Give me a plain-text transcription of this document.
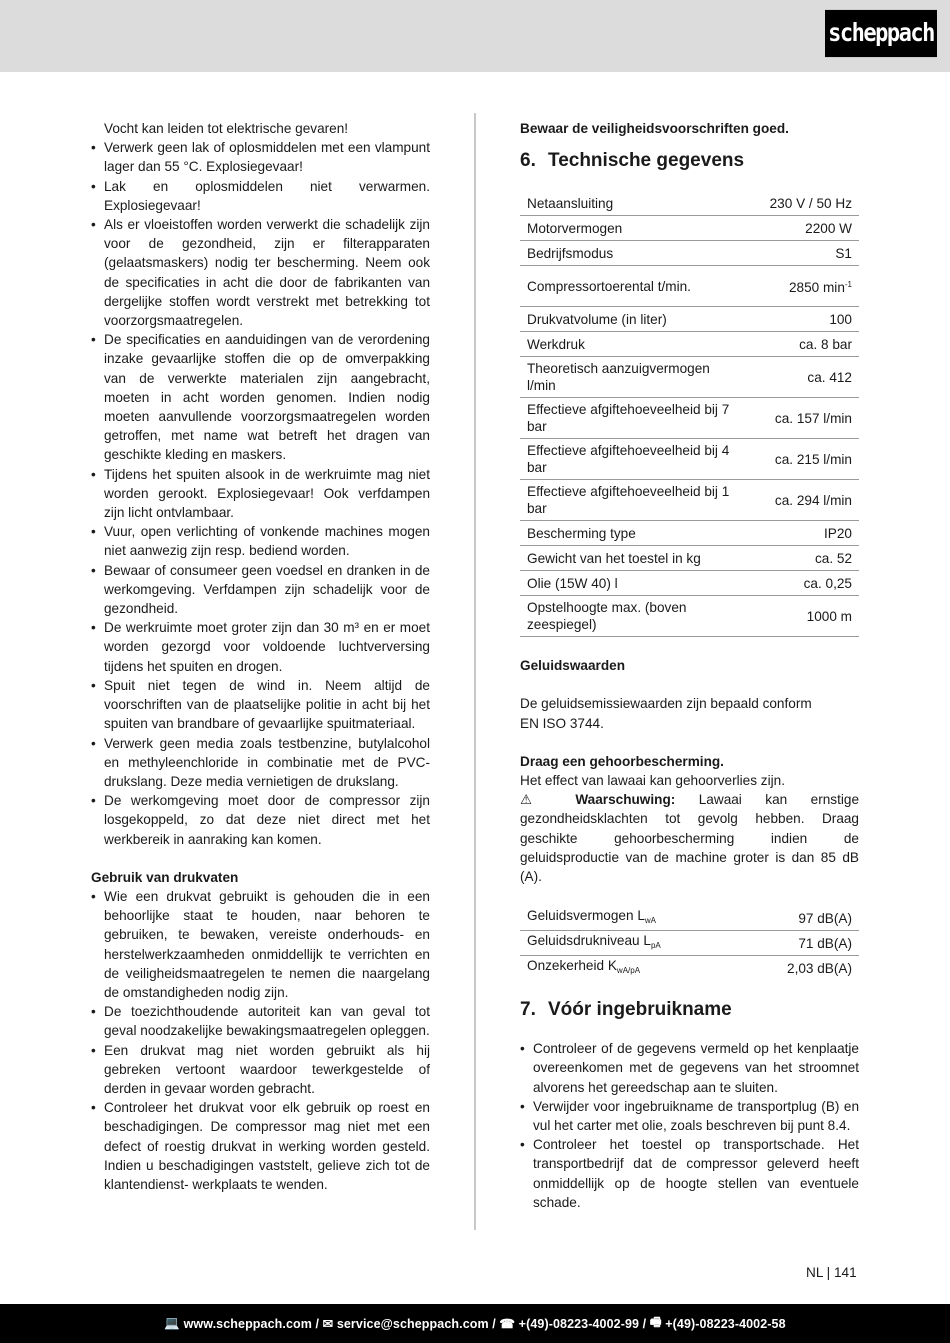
scheppach

Vocht kan leiden tot elektrische gevaren!

• Verwerk geen lak of oplosmiddelen met een vlampunt lager dan 55 °C. Explosiegevaar!
• Lak en oplosmiddelen niet verwarmen. Explosiegevaar!
• Als er vloeistoffen worden verwerkt die schadelijk zijn voor de gezondheid, zijn er filterapparaten (gelaatsmaskers) nodig ter bescherming. Neem ook de specificaties in acht die door de fabrikanten van dergelijke stoffen wordt verstrekt met betrekking tot voorzorgsmaatregelen.
• De specificaties en aanduidingen van de verordening inzake gevaarlijke stoffen die op de omverpakking van de verwerkte materialen zijn aangebracht, moeten in acht worden genomen. Indien nodig moeten aanvullende voorzorgsmaatregelen worden getroffen, met name wat betreft het dragen van geschikte kleding en maskers.
• Tijdens het spuiten alsook in de werkruimte mag niet worden gerookt. Explosiegevaar! Ook verfdampen zijn licht ontvlambaar.
• Vuur, open verlichting of vonkende machines mogen niet aanwezig zijn resp. bediend worden.
• Bewaar of consumeer geen voedsel en dranken in de werkomgeving. Verfdampen zijn schadelijk voor de gezondheid.
• De werkruimte moet groter zijn dan 30 m³ en er moet worden gezorgd voor voldoende luchtverversing tijdens het spuiten en drogen.
• Spuit niet tegen de wind in. Neem altijd de voorschriften van de plaatselijke politie in acht bij het spuiten van brandbare of gevaarlijke spuitmateriaal.
• Verwerk geen media zoals testbenzine, butylalcohol en methyleenchloride in combinatie met de PVC-drukslang. Deze media vernietigen de drukslang.
• De werkomgeving moet door de compressor zijn losgekoppeld, zo dat deze niet direct met het werkbereik in aanraking kan komen.

Gebruik van drukvaten

• Wie een drukvat gebruikt is gehouden die in een behoorlijke staat te houden, naar behoren te gebruiken, te bewaken, vereiste onderhouds- en herstelwerkzaamheden onmiddellijk te verrichten en de veiligheidsmaatregelen te nemen die naargelang de omstandigheden nodig zijn.
• De toezichthoudende autoriteit kan van geval tot geval noodzakelijke bewakingsmaatregelen opleggen.
• Een drukvat mag niet worden gebruikt als hij gebreken vertoont waardoor tewerkgestelde of derden in gevaar worden gebracht.
• Controleer het drukvat voor elk gebruik op roest en beschadigingen. De compressor mag niet met een defect of roestig drukvat in werking worden gesteld. Indien u beschadigingen vaststelt, gelieve zich tot de klantendienst- werkplaats te wenden.

Bewaar de veiligheidsvoorschriften goed.

6. Technische gegevens
Netaansluiting	230 V / 50 Hz
Motorvermogen	2200 W
Bedrijfsmodus	S1
Compressortoerental t/min.	2850 $\min^{-1}$
Drukvatvolume (in liter)	100
Werkdruk	ca. 8 bar
Theoretisch aanzuigvermogen l/min	ca. 412
Effectieve afgiftehoeveelheid bij 7 bar	ca. 157 l/min
Effectieve afgiftehoeveelheid bij 4 bar	ca. 215 l/min
Effectieve afgiftehoeveelheid bij 1 bar	ca. 294 l/min
Bescherming type	IP20
Gewicht van het toestel in kg	ca. 52
Olie (15W 40) l	ca. 0,25
Opstelhoogte max. (boven zeespiegel)	1000 m

Geluidswaarden

De geluidsemissiewaarden zijn bepaald conform EN ISO 3744.

Draag een gehoorbescherming.

Het effect van lawaai kan gehoorverlies zijn.

⚠ Waarschuwing: Lawaai kan ernstige gezondheidsklachten tot gevolg hebben. Draag geschikte gehoorbescherming indien de geluidsproductie van de machine groter is dan 85 dB (A).

Geluidsvermogen $L_{wA}$	97 dB(A)
Geluidsdrukniveau $L_{pA}$	71 dB(A)
Onzekerheid $K_{wA/pA}$	2,03 dB(A)
7. Vóór ingebruikname
• Controleer of de gegevens vermeld op het kenplaatje overeenkomen met de gegevens van het stroomnet alvorens het gereedschap aan te sluiten.
• Verwijder voor ingebruikname de transportplug (B) en vul het carter met olie, zoals beschreven bij punt 8.4.
• Controleer het toestel op transportschade. Het transportbedrijf dat de compressor geleverd heeft onmiddellijk op de hoogte stellen van eventuele schade.
NL | 141
💻
www.scheppach.com / ✉
service@scheppach.com / ☎
+(49)-08223-4002-99 / 🖷
+(49)-08223-4002-58
